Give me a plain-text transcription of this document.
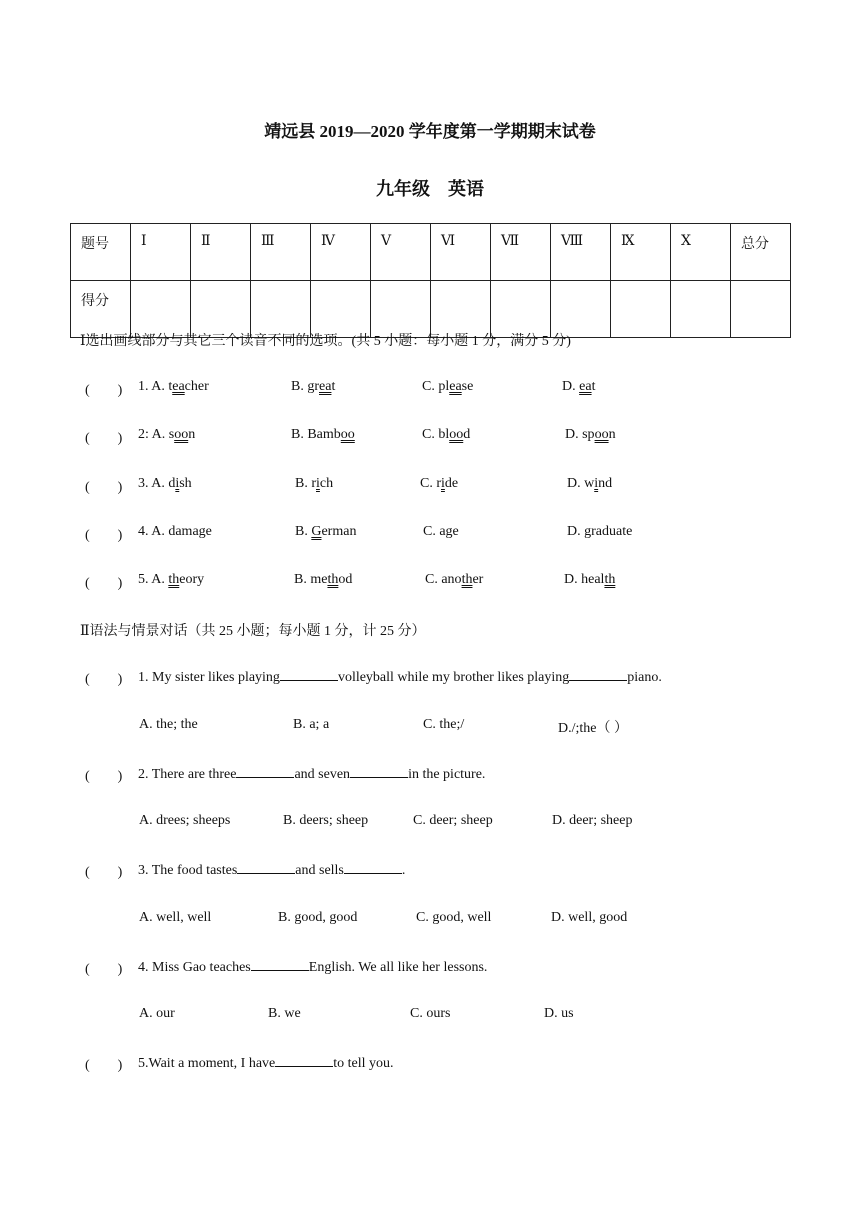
靖远县 2019—2020 学年度第一学期期末试卷
九年级　英语
题号	Ⅰ	Ⅱ	Ⅲ	Ⅳ	Ⅴ	Ⅵ	Ⅶ	Ⅷ	Ⅸ	Ⅹ	总分
得分											
Ⅰ选出画线部分与其它三个读音不同的选项。(共 5 小题：每小题 1 分，满分 5 分)
(　　) 1. A. teacher	B. great	C. please	D. eat
(　　) 2: A. soon	B. Bamboo	C. blood	D. spoon
(　　) 3. A. dish	B. rich	C. ride	D. wind
(　　) 4. A. damage	B. German	C. age	D. graduate
(　　) 5. A. theory	B. method	C. another	D. health
Ⅱ语法与情景对话（共 25 小题；每小题 1 分，计 25 分）
(　　) 1. My sister likes playing	volleyball while my brother likes playing	piano.
A. the; the	B. a; a	C. the;/	D./;the（ ）
(　　) 2. There are three	and seven	in the picture.
A. drees; sheeps	B. deers; sheep	C. deer; sheep	D. deer; sheep
(　　) 3. The food tastes	and sells	.
A. well, well	B. good, good	C. good, well	D. well, good
(　　) 4. Miss Gao teaches	English. We all like her lessons.
A. our	B. we	C. ours	D. us
(　　) 5.Wait a moment, I have	to tell you.
